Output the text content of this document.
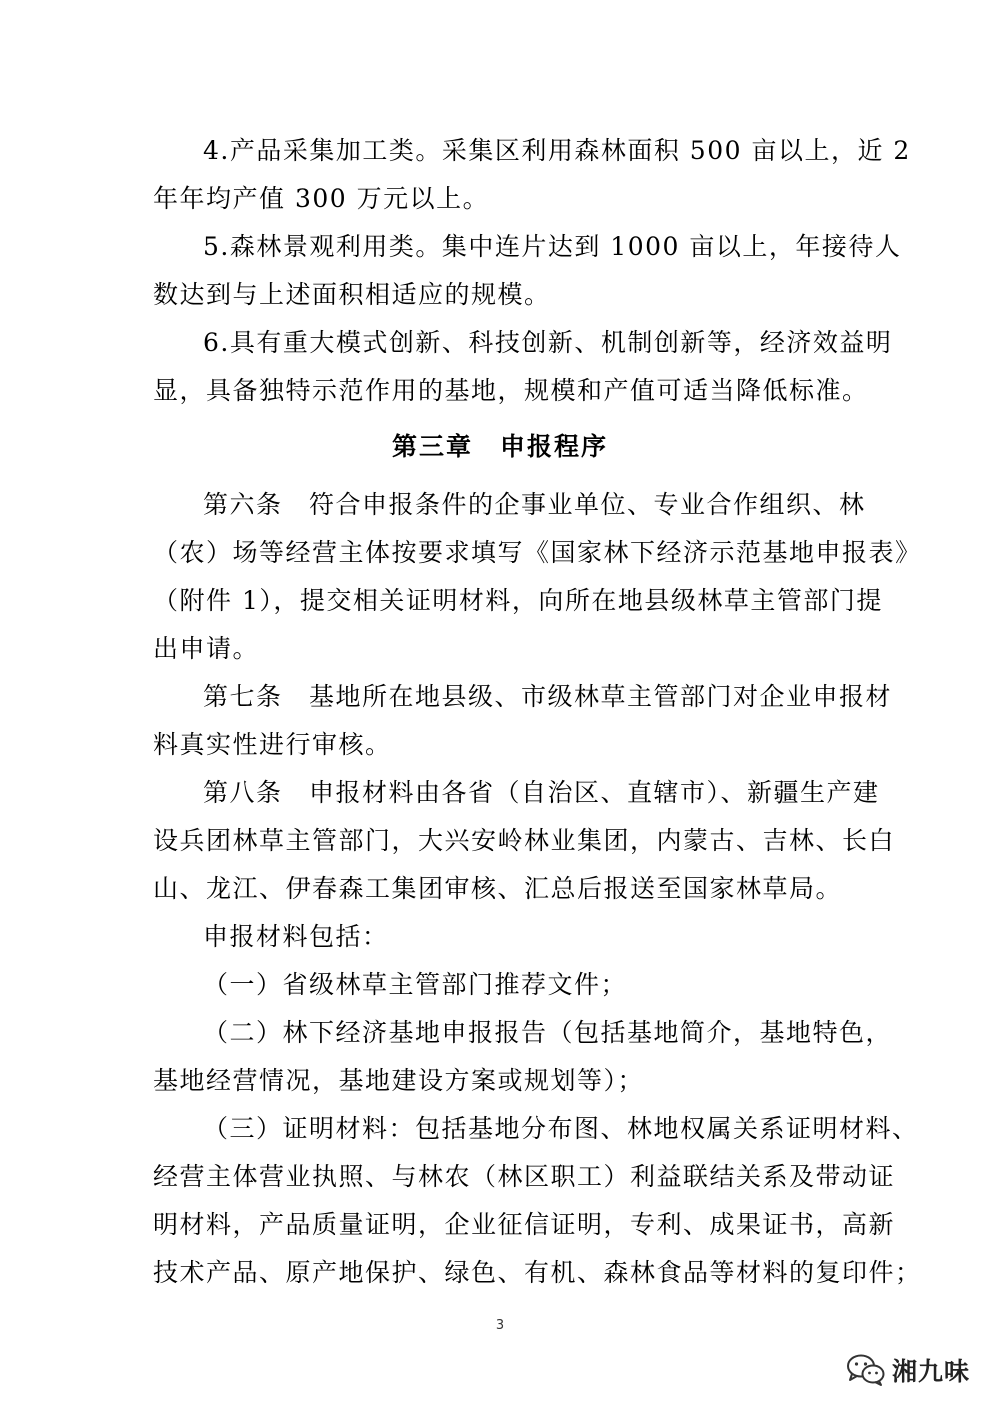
4.产品采集加工类。采集区利用森林面积 500 亩以上，近 2
年年均产值 300 万元以上。
5.森林景观利用类。集中连片达到 1000 亩以上，年接待人
数达到与上述面积相适应的规模。
6.具有重大模式创新、科技创新、机制创新等，经济效益明
显，具备独特示范作用的基地，规模和产值可适当降低标准。
第三章　申报程序
第六条　符合申报条件的企事业单位、专业合作组织、林
（农）场等经营主体按要求填写《国家林下经济示范基地申报表》
（附件 1），提交相关证明材料，向所在地县级林草主管部门提
出申请。
第七条　基地所在地县级、市级林草主管部门对企业申报材
料真实性进行审核。
第八条　申报材料由各省（自治区、直辖市）、新疆生产建
设兵团林草主管部门，大兴安岭林业集团，内蒙古、吉林、长白
山、龙江、伊春森工集团审核、汇总后报送至国家林草局。
申报材料包括：
（一）省级林草主管部门推荐文件；
（二）林下经济基地申报报告（包括基地简介，基地特色，
基地经营情况，基地建设方案或规划等）；
（三）证明材料：包括基地分布图、林地权属关系证明材料、
经营主体营业执照、与林农（林区职工）利益联结关系及带动证
明材料，产品质量证明，企业征信证明，专利、成果证书，高新
技术产品、原产地保护、绿色、有机、森林食品等材料的复印件；
3
湘九味
